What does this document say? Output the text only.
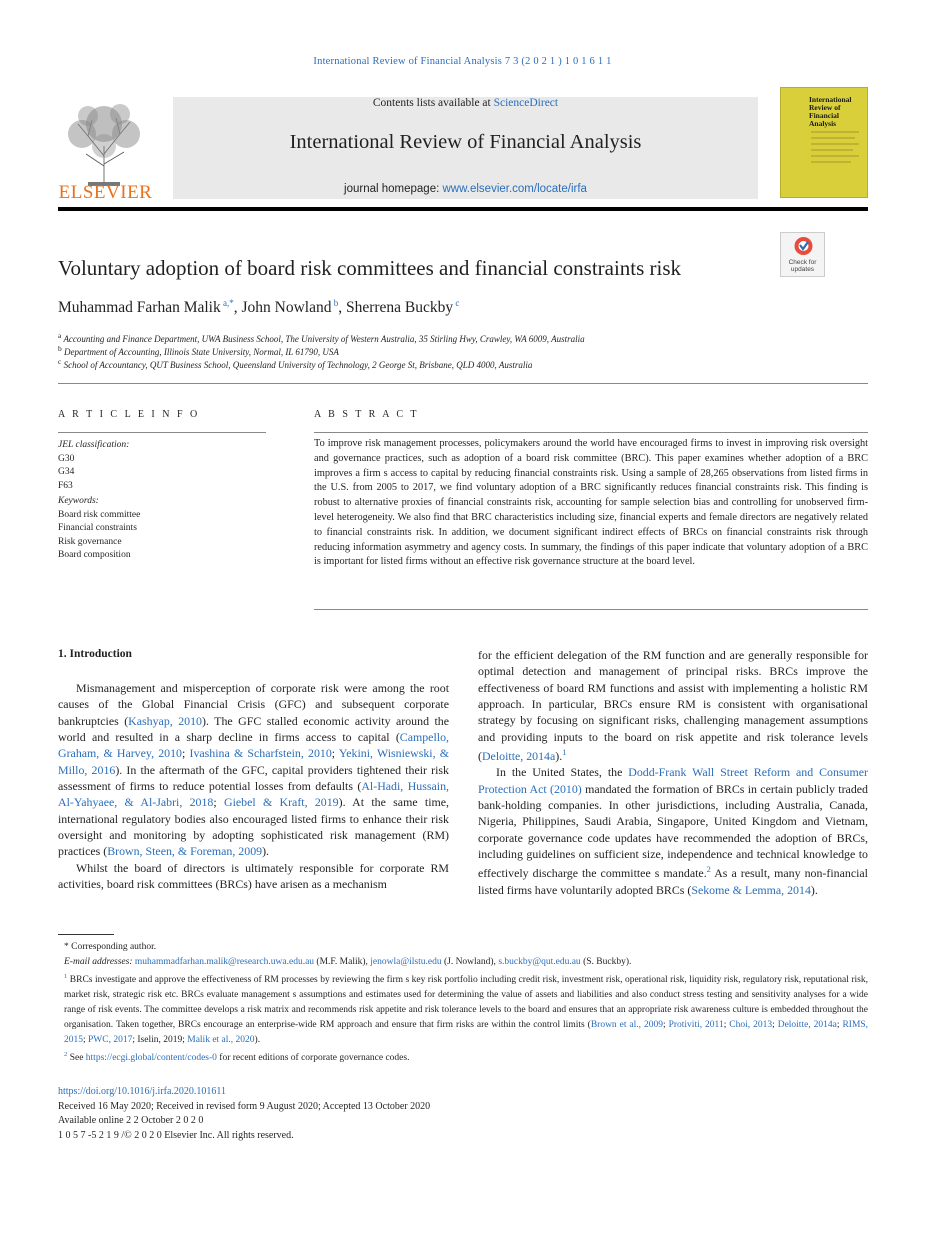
International Review of Financial Analysis 7 3 (2 0 2 1 ) 1 0 1 6 1 1
ELSEVIER
Contents lists available at ScienceDirect
International Review of Financial Analysis
journal homepage: www.elsevier.com/locate/irfa
International Review of Financial Analysis
Voluntary adoption of board risk committees and financial constraints risk	Check for updates
Muhammad Farhan Malik $^{a,*}$, John Nowland $^b$, Sherrena Buckby $^c$
$^a$ Accounting and Finance Department, UWA Business School, The University of Western Australia, 35 Stirling Hwy, Crawley, WA 6009, Australia
$^b$ Department of Accounting, Illinois State University, Normal, IL 61790, USA
$^c$ School of Accountancy, QUT Business School, Queensland University of Technology, 2 George St, Brisbane, QLD 4000, Australia
A R T I C L E I N F O
JEL classification:
G30
G34
F63
Keywords:
Board risk committee
Financial constraints
Risk governance
Board composition
A B S T R A C T
To improve risk management processes, policymakers around the world have encouraged firms to invest in improving risk oversight and governance practices, such as adoption of a board risk committee (BRC). This paper examines whether adoption of a BRC improves a firm s access to capital by reducing financial constraints risk. Using a sample of 28,265 observations from listed firms in the U.S. from 2005 to 2017, we find voluntary adoption of a BRC significantly reduces financial constraints risk. This finding is robust to alternative proxies of financial constraints risk, accounting for sample selection bias and controlling for unobserved firm-level heterogeneity. We also find that BRC characteristics including size, financial experts and female directors are negatively related to financial constraints risk. In addition, we document significant indirect effects of BRCs on financial constraints risk through reducing information asymmetry and agency costs. In summary, the findings of this paper indicate that voluntary adoption of a BRC is important for listed firms without an effective risk governance structure at the board level.
1. Introduction

Mismanagement and misperception of corporate risk were among the root causes of the Global Financial Crisis (GFC) and subsequent corporate bankruptcies (Kashyap, 2010). The GFC stalled economic activity around the world and resulted in a sharp decline in firms access to capital (Campello, Graham, & Harvey, 2010; Ivashina & Scharfstein, 2010; Yekini, Wisniewski, & Millo, 2016). In the aftermath of the GFC, capital providers tightened their risk assessment of firms to reduce potential losses from defaults (Al-Hadi, Hussain, Al-Yahyaee, & Al-Jabri, 2018; Giebel & Kraft, 2019). At the same time, international regulatory bodies also encouraged listed firms to enhance their risk oversight and monitoring by adopting sophisticated risk management (RM) practices (Brown, Steen, & Foreman, 2009).

Whilst the board of directors is ultimately responsible for corporate RM activities, board risk committees (BRCs) have arisen as a mechanism

for the efficient delegation of the RM function and are generally responsible for optimal detection and management of principal risks. BRCs improve the effectiveness of board RM functions and assist with implementing a holistic RM approach. In particular, BRCs ensure RM is consistent with organisational strategy by focusing on significant risks, challenging management assumptions and providing inputs to the board on risk appetite and risk tolerance levels (Deloitte, 2014a).$^1$

In the United States, the Dodd-Frank Wall Street Reform and Consumer Protection Act (2010) mandated the formation of BRCs in certain publicly traded bank-holding companies. In other jurisdictions, including Australia, Canada, Nigeria, Philippines, Saudi Arabia, Singapore, United Kingdom and Vietnam, corporate governance code updates have recommended the adoption of BRCs, including guidelines on sufficient size, independence and technical knowledge to effectively discharge the committee s mandate.$^2$ As a result, many non-financial listed firms have voluntarily adopted BRCs (Sekome & Lemma, 2014).

* Corresponding author.

E-mail addresses: muhammadfarhan.malik@research.uwa.edu.au (M.F. Malik), jenowla@ilstu.edu (J. Nowland), s.buckby@qut.edu.au (S. Buckby).

$^1$ BRCs investigate and approve the effectiveness of RM processes by reviewing the firm s key risk portfolio including credit risk, investment risk, operational risk, liquidity risk, regulatory risk, reputational risk, market risk, strategic risk etc. BRCs evaluate management s assumptions and estimates used for determining the value of assets and liabilities and also conduct stress testing and sensitivity analyses for a wide range of risk events. The committee develops a risk matrix and recommends risk appetite and risk tolerance levels to the board and ensures that an appropriate risk awareness culture is embedded throughout the organisation. Taken together, BRCs encourage an enterprise-wide RM approach and ensure that firm risks are within the control limits (Brown et al., 2009; Protiviti, 2011; Choi, 2013; Deloitte, 2014a; RIMS, 2015; PWC, 2017; Iselin, 2019; Malik et al., 2020).

$^2$ See https://ecgi.global/content/codes-0 for recent editions of corporate governance codes.

https://doi.org/10.1016/j.irfa.2020.101611
Received 16 May 2020; Received in revised form 9 August 2020; Accepted 13 October 2020
Available online 2 2 October 2 0 2 0
1 0 5 7 -5 2 1 9 /© 2 0 2 0 Elsevier Inc. All rights reserved.
